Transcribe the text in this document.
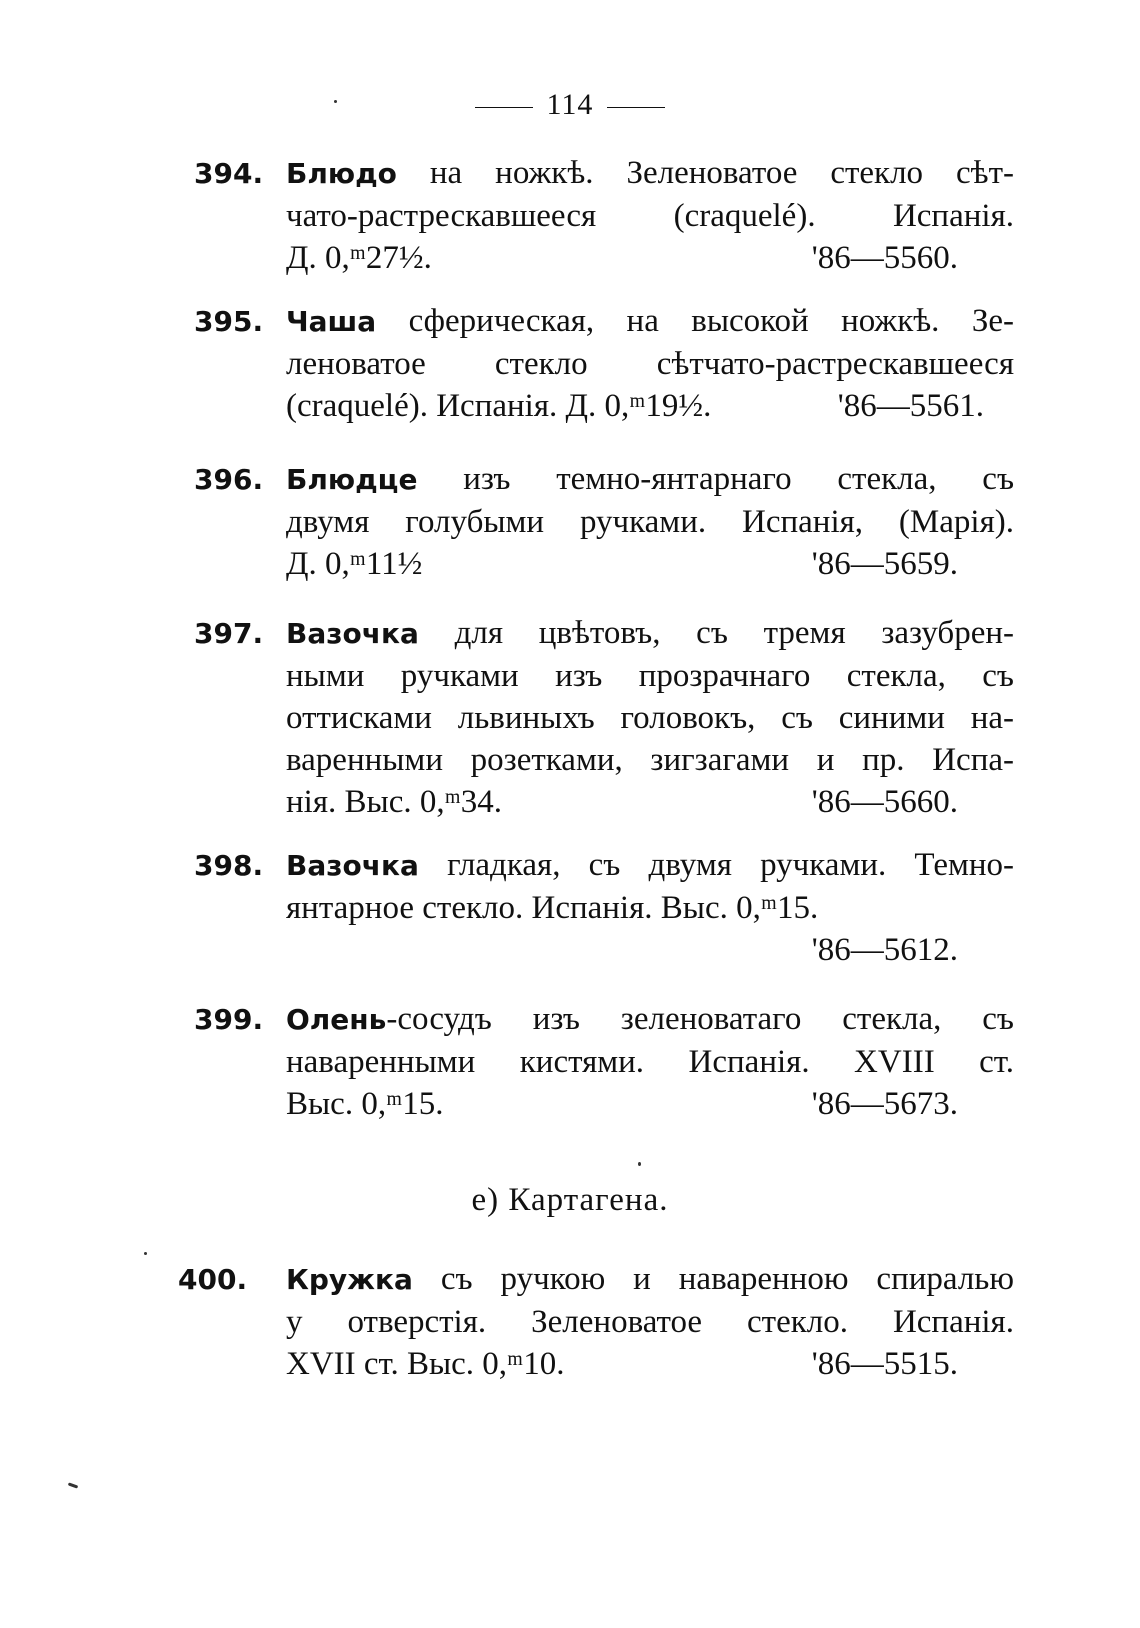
114
394. Блюдо на ножкѣ. Зеленоватое стекло сѣт-
чато-растрескавшееся (craquelé). Испанія.
Д. 0,ᵐ27½.	'86—5560.
395. Чаша сферическая, на высокой ножкѣ. Зе-
леноватое стекло сѣтчато-растрескавшееся
(craquelé). Испанія. Д. 0,ᵐ19½.	'86—5561.
396. Блюдце изъ темно-янтарнаго стекла, съ
двумя голубыми ручками. Испанія, (Марія).
Д. 0,ᵐ11½	'86—5659.
397. Вазочка для цвѣтовъ, съ тремя зазубрен-
ными ручками изъ прозрачнаго стекла, съ
оттисками львиныхъ головокъ, съ синими на-
варенными розетками, зигзагами и пр. Испа-
нія. Выс. 0,ᵐ34.	'86—5660.
398. Вазочка гладкая, съ двумя ручками. Темно-
янтарное стекло. Испанія. Выс. 0,ᵐ15.
'86—5612.
399. Олень-сосудъ изъ зеленоватаго стекла, съ
наваренными кистями. Испанія. XVIII ст.
Выс. 0,ᵐ15.	'86—5673.
е) Картагена.
400. Кружка съ ручкою и наваренною спиралью
у отверстія. Зеленоватое стекло. Испанія.
XVII ст. Выс. 0,ᵐ10.	'86—5515.
